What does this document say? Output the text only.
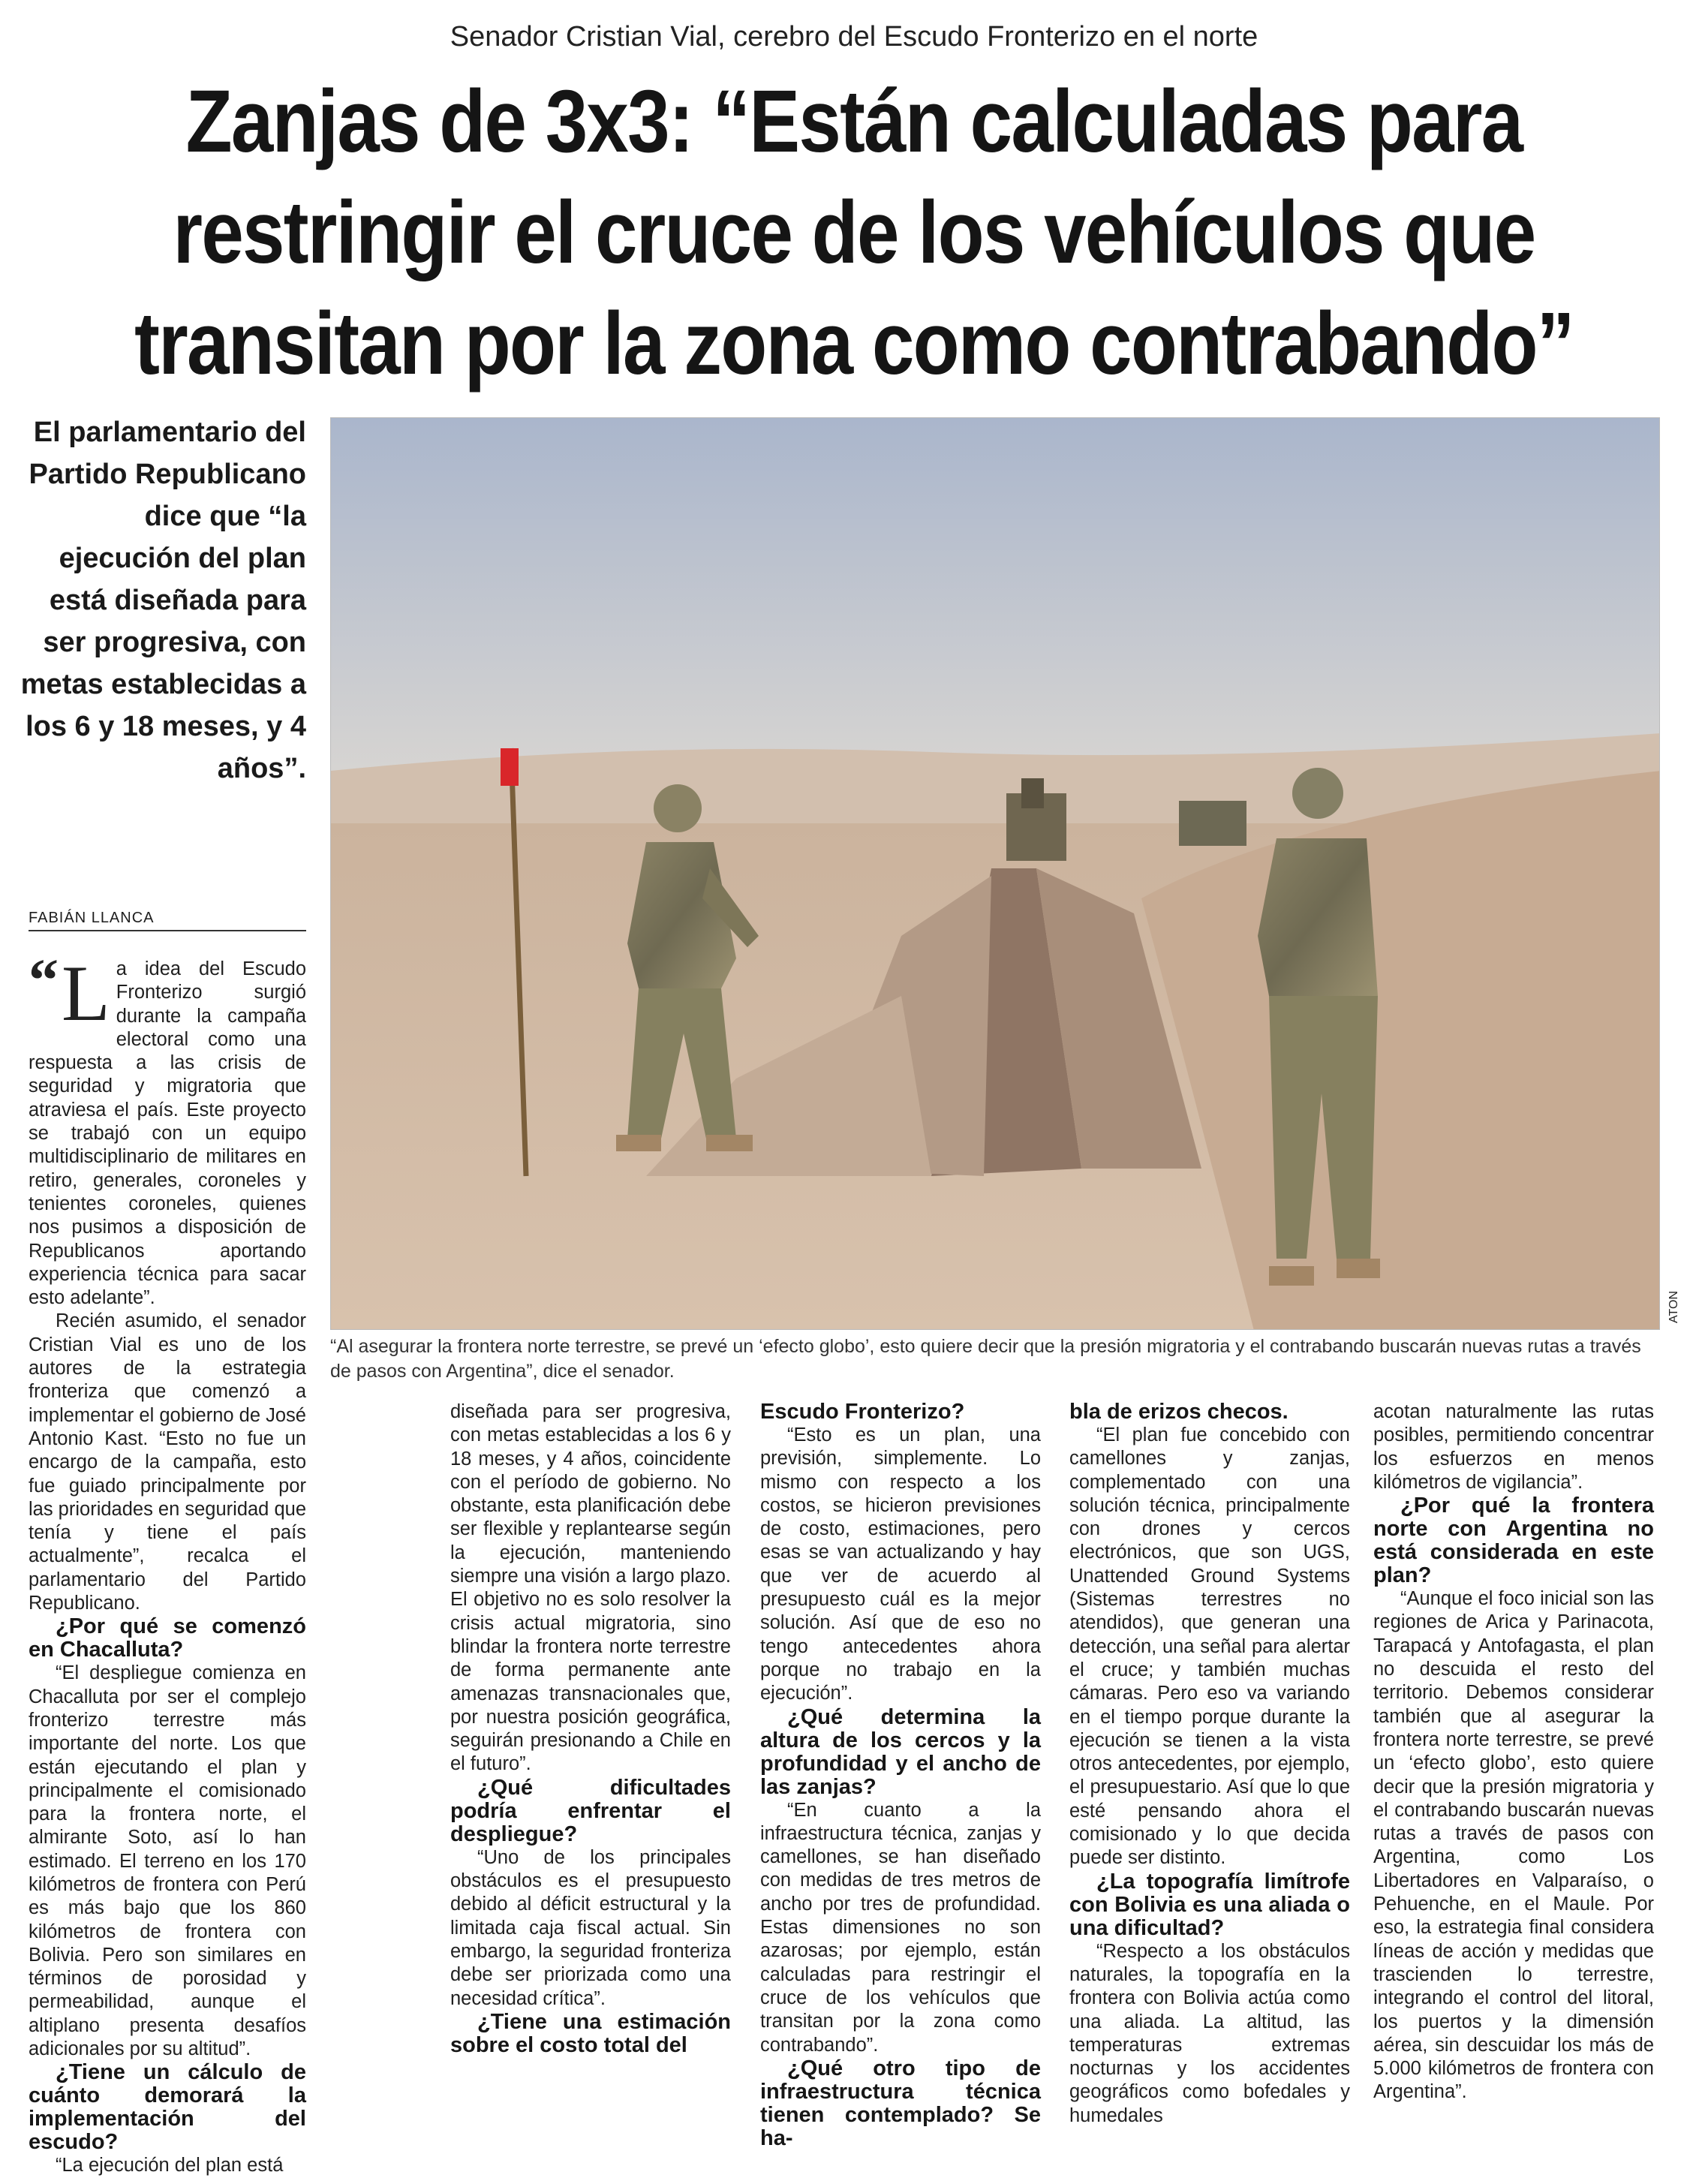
Senador Cristian Vial, cerebro del Escudo Fronterizo en el norte
Zanjas de 3x3: “Están calculadas para
restringir el cruce de los vehículos que
transitan por la zona como contrabando”
El parlamentario del Partido Republicano dice que “la ejecución del plan está diseñada para ser progresiva, con metas establecidas a los 6 y 18 meses, y 4 años”.
FABIÁN LLANCA
ATON
“Al asegurar la frontera norte terrestre, se prevé un ‘efecto globo’, esto quiere decir que la presión migratoria y el contrabando buscarán nuevas rutas a través de pasos con Argentina”, dice el senador.

“ L a idea del Escudo Fronterizo surgió durante la campaña electoral como una respuesta a las crisis de seguridad y migratoria que atraviesa el país. Este proyecto se trabajó con un equipo multidisciplinario de militares en retiro, generales, coroneles y tenientes coroneles, quienes nos pusimos a disposición de Republicanos aportando experiencia técnica para sacar esto adelante”.

Recién asumido, el senador Cristian Vial es uno de los autores de la estrategia fronteriza que comenzó a implementar el gobierno de José Antonio Kast. “Esto no fue un encargo de la campaña, esto fue guiado principalmente por las prioridades en seguridad que tenía y tiene el país actualmente”, recalca el parlamentario del Partido Republicano.

¿Por qué se comenzó en Chacalluta?

“El despliegue comienza en Chacalluta por ser el complejo fronterizo terrestre más importante del norte. Los que están ejecutando el plan y principalmente el comisionado para la frontera norte, el almirante Soto, así lo han estimado. El terreno en los 170 kilómetros de frontera con Perú es más bajo que los 860 kilómetros de frontera con Bolivia. Pero son similares en términos de porosidad y permeabilidad, aunque el altiplano presenta desafíos adicionales por su altitud”.

¿Tiene un cálculo de cuánto demorará la implementación del escudo?

“La ejecución del plan está

diseñada para ser progresiva, con metas establecidas a los 6 y 18 meses, y 4 años, coincidente con el período de gobierno. No obstante, esta planificación debe ser flexible y replantearse según la ejecución, manteniendo siempre una visión a largo plazo. El objetivo no es solo resolver la crisis actual migratoria, sino blindar la frontera norte terrestre de forma permanente ante amenazas transnacionales que, por nuestra posición geográfica, seguirán presionando a Chile en el futuro”.

¿Qué dificultades podría enfrentar el despliegue?

“Uno de los principales obstáculos es el presupuesto debido al déficit estructural y la limitada caja fiscal actual. Sin embargo, la seguridad fronteriza debe ser priorizada como una necesidad crítica”.

¿Tiene una estimación sobre el costo total del
Escudo Fronterizo?

“Esto es un plan, una previsión, simplemente. Lo mismo con respecto a los costos, se hicieron previsiones de costo, estimaciones, pero esas se van actualizando y hay que ver de acuerdo al presupuesto cuál es la mejor solución. Así que de eso no tengo antecedentes ahora porque no trabajo en la ejecución”.

¿Qué determina la altura de los cercos y la profundidad y el ancho de las zanjas?

“En cuanto a la infraestructura técnica, zanjas y camellones, se han diseñado con medidas de tres metros de ancho por tres de profundidad. Estas dimensiones no son azarosas; por ejemplo, están calculadas para restringir el cruce de los vehículos que transitan por la zona como contrabando”.

¿Qué otro tipo de infraestructura técnica tienen contemplado? Se ha-
bla de erizos checos.

“El plan fue concebido con camellones y zanjas, complementado con una solución técnica, principalmente con drones y cercos electrónicos, que son UGS, Unattended Ground Systems (Sistemas terrestres no atendidos), que generan una detección, una señal para alertar el cruce; y también muchas cámaras. Pero eso va variando en el tiempo porque durante la ejecución se tienen a la vista otros antecedentes, por ejemplo, el presupuestario. Así que lo que esté pensando ahora el comisionado y lo que decida puede ser distinto.

¿La topografía limítrofe con Bolivia es una aliada o una dificultad?

“Respecto a los obstáculos naturales, la topografía en la frontera con Bolivia actúa como una aliada. La altitud, las temperaturas extremas nocturnas y los accidentes geográficos como bofedales y humedales

acotan naturalmente las rutas posibles, permitiendo concentrar los esfuerzos en menos kilómetros de vigilancia”.

¿Por qué la frontera norte con Argentina no está considerada en este plan?

“Aunque el foco inicial son las regiones de Arica y Parinacota, Tarapacá y Antofagasta, el plan no descuida el resto del territorio. Debemos considerar también que al asegurar la frontera norte terrestre, se prevé un ‘efecto globo’, esto quiere decir que la presión migratoria y el contrabando buscarán nuevas rutas a través de pasos con Argentina, como Los Libertadores en Valparaíso, o Pehuenche, en el Maule. Por eso, la estrategia final considera líneas de acción y medidas que trascienden lo terrestre, integrando el control del litoral, los puertos y la dimensión aérea, sin descuidar los más de 5.000 kilómetros de frontera con Argentina”.
